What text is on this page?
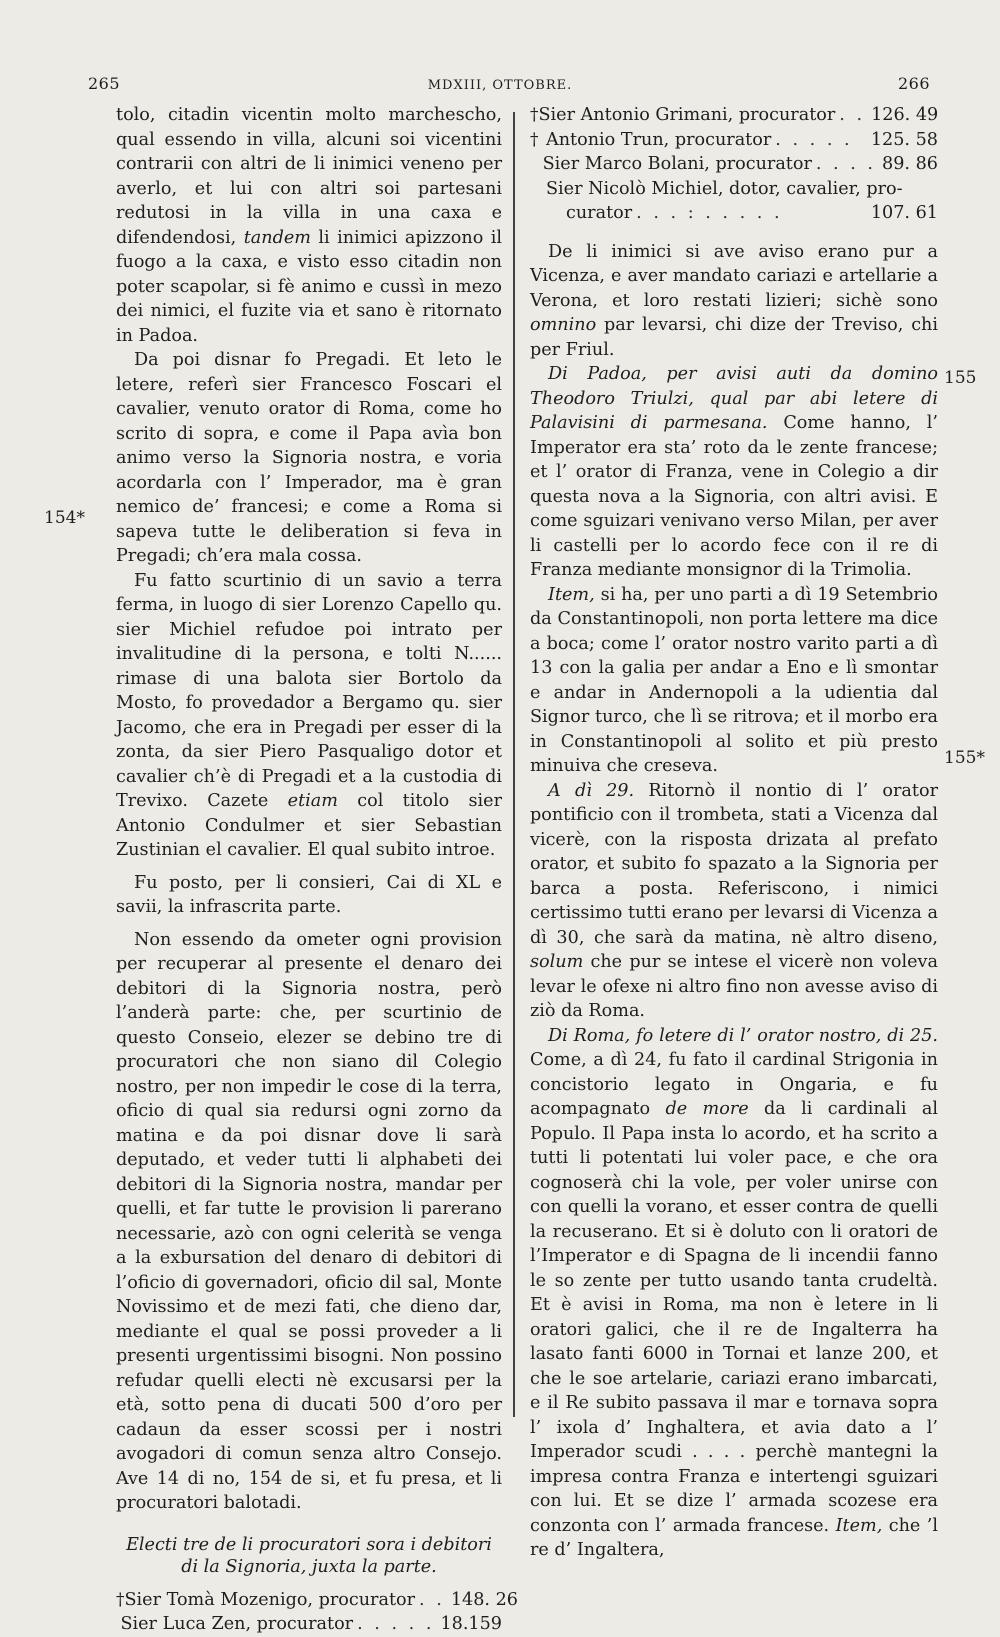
265	MDXIII, OTTOBRE.	266
154*
155
155*

tolo, citadin vicentin molto marchescho, qual essendo in villa, alcuni soi vicentini contrarii con altri de li inimici veneno per averlo, et lui con altri soi partesani redutosi in la villa in una caxa e difendendosi, tandem li inimici apizzono il fuogo a la caxa, e visto esso citadin non poter scapolar, si fè animo e cussì in mezo dei nimici, el fuzite via et sano è ritornato in Padoa.

Da poi disnar fo Pregadi. Et leto le letere, referì sier Francesco Foscari el cavalier, venuto orator di Roma, come ho scrito di sopra, e come il Papa avìa bon animo verso la Signoria nostra, e voria acordarla con l’ Imperador, ma è gran nemico de’ francesi; e come a Roma si sapeva tutte le deliberation si feva in Pregadi; ch’era mala cossa.

Fu fatto scurtinio di un savio a terra ferma, in luogo di sier Lorenzo Capello qu. sier Michiel refudoe poi intrato per invalitudine di la persona, e tolti N...... rimase di una balota sier Bortolo da Mosto, fo provedador a Bergamo qu. sier Jacomo, che era in Pregadi per esser di la zonta, da sier Piero Pasqualigo dotor et cavalier ch’è di Pregadi et a la custodia di Trevixo. Cazete etiam col titolo sier Antonio Condulmer et sier Sebastian Zustinian el cavalier. El qual subito introe.

Fu posto, per li consieri, Cai di XL e savii, la infrascrita parte.

Non essendo da ometer ogni provision per recuperar al presente el denaro dei debitori di la Signoria nostra, però l’anderà parte: che, per scurtinio de questo Conseio, elezer se debino tre di procuratori che non siano dil Colegio nostro, per non impedir le cose di la terra, oficio di qual sia redursi ogni zorno da matina e da poi disnar dove li sarà deputado, et veder tutti li alphabeti dei debitori di la Signoria nostra, mandar per quelli, et far tutte le provision li parerano necessarie, azò con ogni celerità se venga a la exbursation del denaro di debitori di l’oficio di governadori, oficio dil sal, Monte Novissimo et de mezi fati, che dieno dar, mediante el qual se possi proveder a li presenti urgentissimi bisogni. Non possino refudar quelli electi nè excusarsi per la età, sotto pena di ducati 500 d’oro per cadaun da esser scossi per i nostri avogadori di comun senza altro Consejo. Ave 14 di no, 154 de si, et fu presa, et li procuratori balotadi.

Electi tre de li procuratori sora i debitori
di la Signoria, juxta la parte.
† Sier Tomà Mozenigo, procurator . . 148. 26
Sier Luca Zen, procurator . . . . . 18.159
† Sier Antonio Grimani, procurator . . 126. 49
† Antonio Trun, procurator . . . . .	125. 58
Sier Marco Bolani, procurator . . . . 89. 86
Sier Nicolò Michiel, dotor, cavalier, pro-
curator . . . : . . . . .	107. 61

De li inimici si ave aviso erano pur a Vicenza, e aver mandato cariazi e artellarie a Verona, et loro restati lizieri; sichè sono omnino par levarsi, chi dize der Treviso, chi per Friul.

Di Padoa, per avisi auti da domino Theodoro Triulzi, qual par abi letere di Palavisini di parmesana. Come hanno, l’ Imperator era sta’ roto da le zente francese; et l’ orator di Franza, vene in Colegio a dir questa nova a la Signoria, con altri avisi. E come sguizari venivano verso Milan, per aver li castelli per lo acordo fece con il re di Franza mediante monsignor di la Trimolia.

Item, si ha, per uno parti a dì 19 Setembrio da Constantinopoli, non porta lettere ma dice a boca; come l’ orator nostro varito parti a dì 13 con la galia per andar a Eno e lì smontar e andar in Andernopoli a la udientia dal Signor turco, che lì se ritrova; et il morbo era in Constantinopoli al solito et più presto minuiva che creseva.

A dì 29. Ritornò il nontio di l’ orator pontificio con il trombeta, stati a Vicenza dal vicerè, con la risposta drizata al prefato orator, et subito fo spazato a la Signoria per barca a posta. Referiscono, i nimici certissimo tutti erano per levarsi di Vicenza a dì 30, che sarà da matina, nè altro diseno, solum che pur se intese el vicerè non voleva levar le ofexe ni altro fino non avesse aviso di ziò da Roma.

Di Roma, fo letere di l’ orator nostro, di 25. Come, a dì 24, fu fato il cardinal Strigonia in concistorio legato in Ongaria, e fu acompagnato de more da li cardinali al Populo. Il Papa insta lo acordo, et ha scrito a tutti li potentati lui voler pace, e che ora cognoserà chi la vole, per voler unirse con con quelli la vorano, et esser contra de quelli la recuserano. Et si è doluto con li oratori de l’Imperator e di Spagna de li incendii fanno le so zente per tutto usando tanta crudeltà. Et è avisi in Roma, ma non è letere in li oratori galici, che il re de Ingalterra ha lasato fanti 6000 in Tornai et lanze 200, et che le soe artelarie, cariazi erano imbarcati, e il Re subito passava il mar e tornava sopra l’ ixola d’ Inghaltera, et avia dato a l’ Imperador scudi . . . . perchè mantegni la impresa contra Franza e intertengi sguizari con lui. Et se dize l’ armada scozese era conzonta con l’ armada francese. Item, che ’l re d’ Ingaltera,
